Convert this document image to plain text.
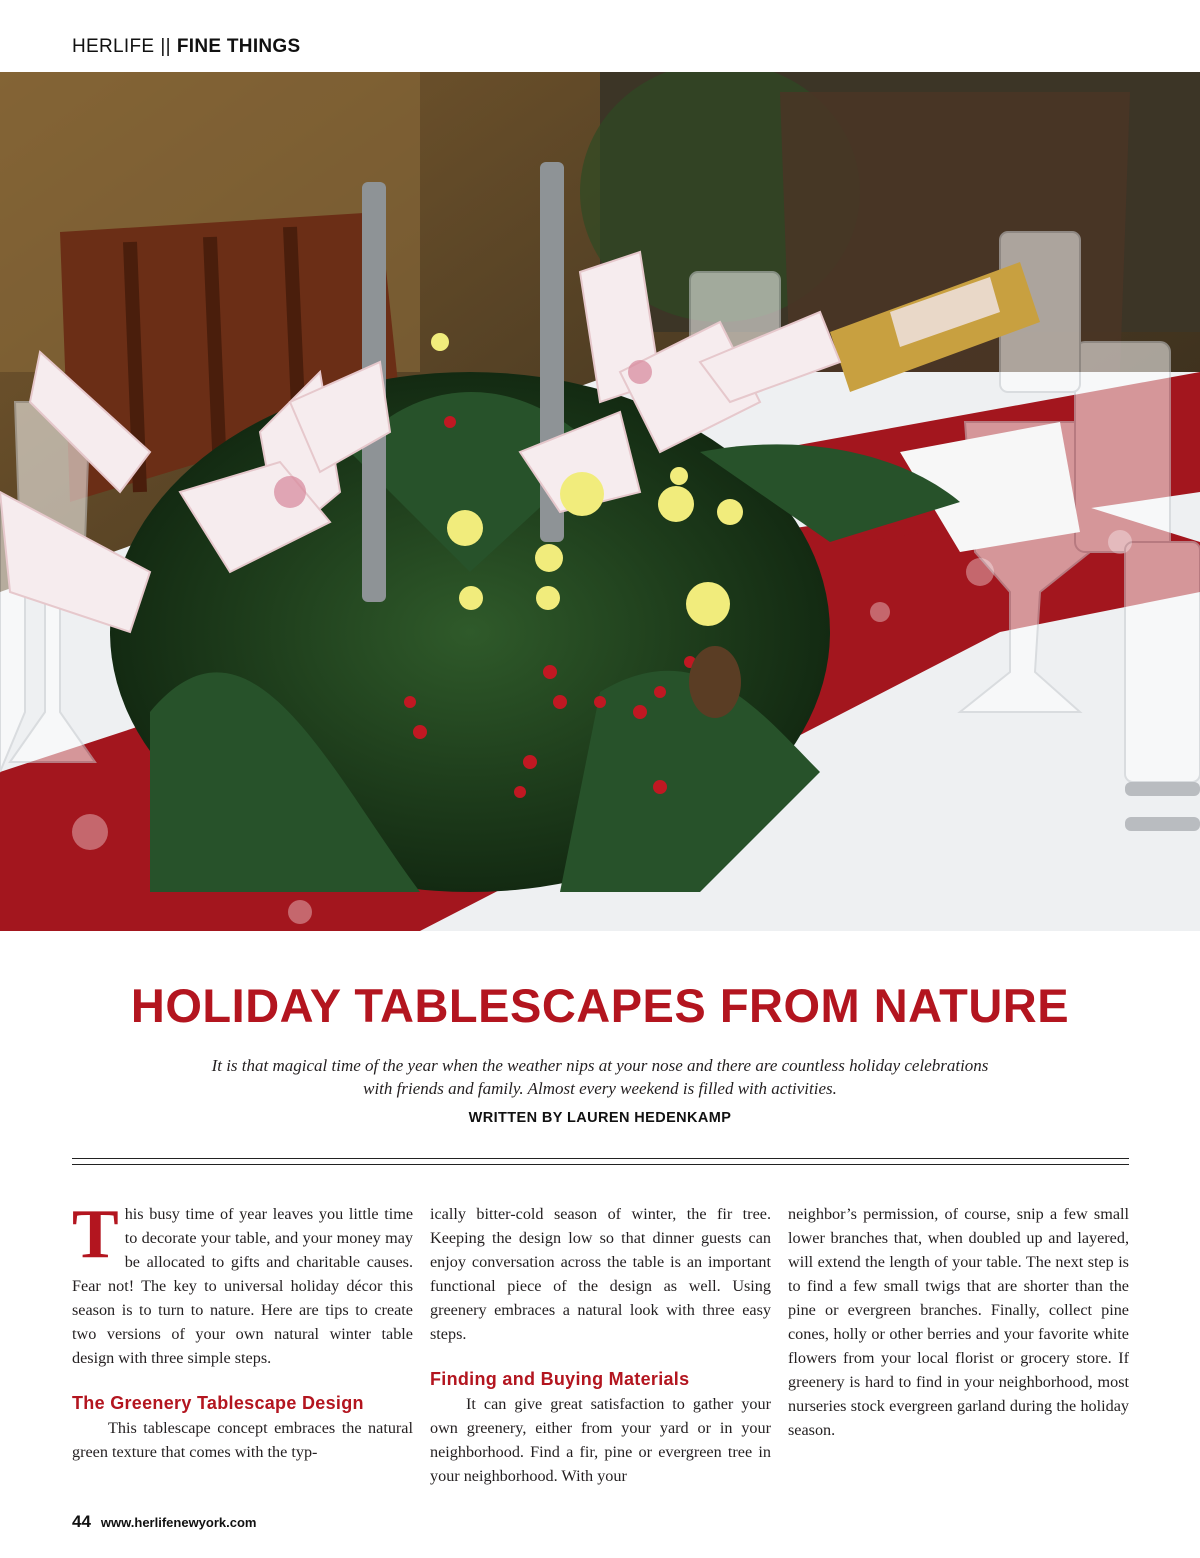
HERLIFE || FINE THINGS
HOLIDAY TABLESCAPES FROM NATURE

It is that magical time of the year when the weather nips at your nose and there are countless holiday celebrations with friends and family. Almost every weekend is filled with activities.

WRITTEN BY LAUREN HEDENKAMP

This busy time of year leaves you little time to decorate your table, and your money may be allocated to gifts and charitable causes. Fear not! The key to universal holiday décor this season is to turn to nature. Here are tips to create two versions of your own natural winter table design with three simple steps.

The Greenery Tablescape Design

This tablescape concept embraces the natural green texture that comes with the typ-

ically bitter-cold season of winter, the fir tree. Keeping the design low so that dinner guests can enjoy conversation across the table is an important functional piece of the design as well. Using greenery embraces a natural look with three easy steps.

Finding and Buying Materials

It can give great satisfaction to gather your own greenery, either from your yard or in your neighborhood. Find a fir, pine or evergreen tree in your neighborhood. With your

neighbor’s permission, of course, snip a few small lower branches that, when doubled up and layered, will extend the length of your table. The next step is to find a few small twigs that are shorter than the pine or evergreen branches. Finally, collect pine cones, holly or other berries and your favorite white flowers from your local florist or grocery store. If greenery is hard to find in your neighborhood, most nurseries stock evergreen garland during the holiday season.

44 www.herlifenewyork.com
